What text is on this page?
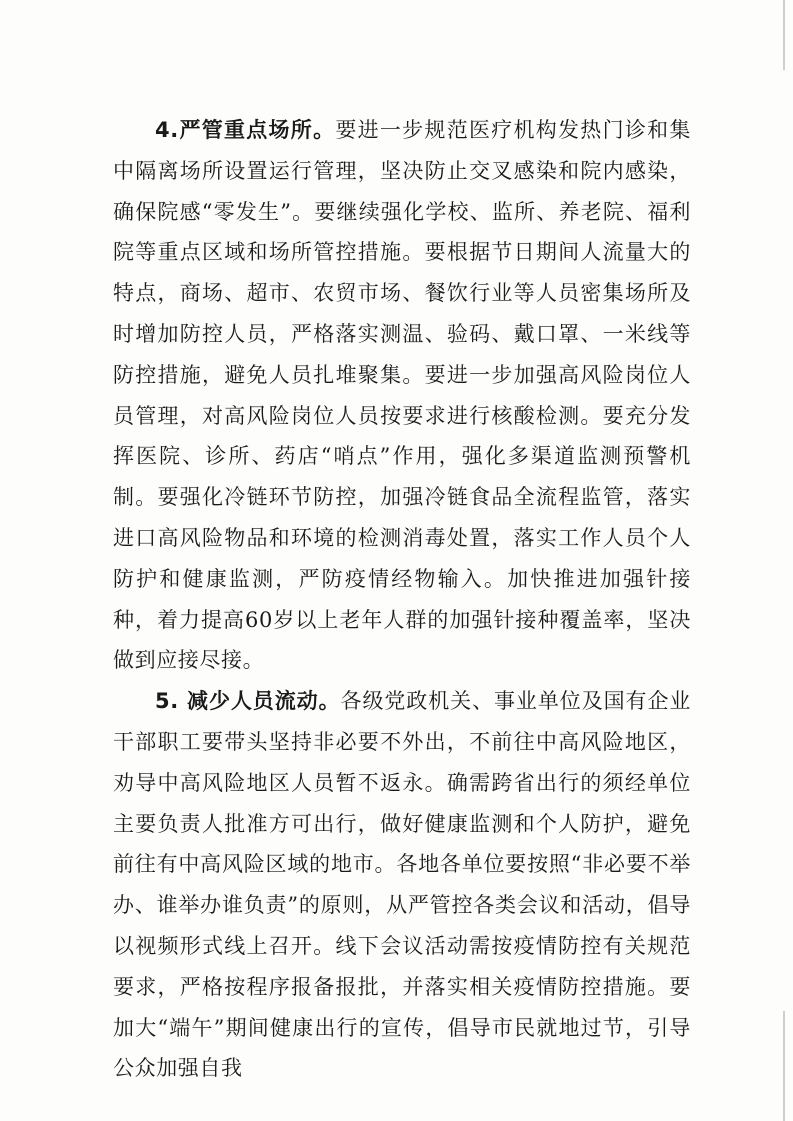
4.严管重点场所。要进一步规范医疗机构发热门诊和集中隔离场所设置运行管理，坚决防止交叉感染和院内感染，确保院感“零发生”。要继续强化学校、监所、养老院、福利院等重点区域和场所管控措施。要根据节日期间人流量大的特点，商场、超市、农贸市场、餐饮行业等人员密集场所及时增加防控人员，严格落实测温、验码、戴口罩、一米线等防控措施，避免人员扎堆聚集。要进一步加强高风险岗位人员管理，对高风险岗位人员按要求进行核酸检测。要充分发挥医院、诊所、药店“哨点”作用，强化多渠道监测预警机制。要强化冷链环节防控，加强冷链食品全流程监管，落实进口高风险物品和环境的检测消毒处置，落实工作人员个人防护和健康监测，严防疫情经物输入。加快推进加强针接种，着力提高60岁以上老年人群的加强针接种覆盖率，坚决做到应接尽接。

5. 减少人员流动。各级党政机关、事业单位及国有企业干部职工要带头坚持非必要不外出，不前往中高风险地区，劝导中高风险地区人员暂不返永。确需跨省出行的须经单位主要负责人批准方可出行，做好健康监测和个人防护，避免前往有中高风险区域的地市。各地各单位要按照“非必要不举办、谁举办谁负责”的原则，从严管控各类会议和活动，倡导以视频形式线上召开。线下会议活动需按疫情防控有关规范要求，严格按程序报备报批，并落实相关疫情防控措施。要加大“端午”期间健康出行的宣传，倡导市民就地过节，引导公众加强自我
